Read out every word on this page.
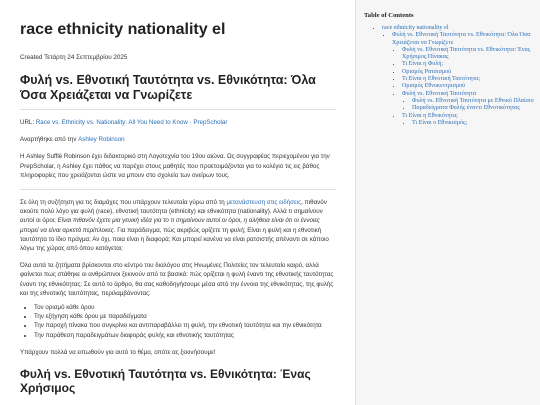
race ethnicity nationality el
Created Τετάρτη 24 Σεπτεμβρίου 2025
Φυλή vs. Εθνοτική Ταυτότητα vs. Εθνικότητα: Όλα Όσα Χρειάζεται να Γνωρίζετε
URL: Race vs. Ethnicity vs. Nationality: All You Need to Know · PrepScholar
Αναρτήθηκε από την Ashley Robinson
Η Ashley Sufflé Robinson έχει διδακτορικό στη Λογοτεχνία του 19ου αιώνα. Ως συγγραφέας περιεχομένου για την PrepScholar, η Ashley έχει πάθος να παρέχει στους μαθητές που προετοιμάζονται για το κολέγιο τις εις βάθος πληροφορίες που χρειάζονται ώστε να μπουν στο σχολείο των ονείρων τους.
Σε όλη τη συζήτηση για τις διαμάχες που υπάρχουν τελευταία γύρω από τη μετανάστευση στις ειδήσεις, πιθανόν ακούτε πολύ λόγο για φυλή (race), εθνοτική ταυτότητα (ethnicity) και εθνικότητα (nationality). Αλλά τι σημαίνουν αυτοί οι όροι; Είναι πιθανόν έχετε μια γενική ιδέα για το τι σημαίνουν αυτοί οι όροι, η αλήθεια είναι ότι οι έννοιες μπορεί να είναι αρκετά περίπλοκες. Για παράδειγμα, πώς ακριβώς ορίζετε τη φυλή; Είναι η φυλή και η εθνοτική ταυτότητα το ίδιο πράγμα; Αν όχι, ποια είναι η διαφορά; Και μπορεί κανένα να είναι ρατσιστής απέναντι σε κάποιο λόγω της χώρας από όπου κατάγεται;
Όλα αυτά τα ζητήματα βρίσκονται στο κέντρο του διαλόγου στις Ηνωμένες Πολιτείες τον τελευταίο καιρό, αλλά φαίνεται πως στάθηκε οι ανθρώπινοι ξεκινούν από τα βασικά: πώς ορίζεται η φυλή έναντι της εθνοτικής ταυτότητας έναντι της εθνικότητας. Σε αυτό το άρθρο, θα σας καθοδηγήσουμε μέσα από την έννοια της εθνικότητας, της φυλής και της εθνοτικής ταυτότητας, περιλαμβάνοντας:
• Τον ορισμό κάθε όρου
• Την εξήγηση κάθε όρου με παραδείγματα
• Την παροχή πίνακα που συγκρίνει και αντιπαραβάλλει τη φυλή, την εθνοτική ταυτότητα και την εθνικότητα
• Την παράθεση παραδειγμάτων διαφοράς φυλής και εθνοτικής ταυτότητας
Υπάρχουν πολλά να ειπωθούν για αυτό το θέμα, οπότε ας ξεκινήσουμε!
Φυλή vs. Εθνοτική Ταυτότητα vs. Εθνικότητα: Ένας Χρήσιμος
Table of Contents
• race ethnicity nationality el
• Φυλή vs. Εθνοτική Ταυτότητα vs. Εθνικότητα: Όλα Όσα Χρειάζεται να Γνωρίζετε
• Φυλή vs. Εθνοτική Ταυτότητα vs. Εθνικότητα: Ένας Χρήσιμος Πίνακας
• Τι Είναι η Φυλή;
• Ορισμός Ρατσισμού
• Τι Είναι η Εθνοτική Ταυτότητα;
• Ορισμός Εθνοκεντρισμού
• Φυλή vs. Εθνοτική Ταυτότητα
• Φυλή vs. Εθνοτική Ταυτότητα με Εθνικό Πλαίσιο
• Παραδείγματα Φυλής έναντι Εθνοτικότητας
• Τι Είναι η Εθνικότητα;
• Τι Είναι ο Εθνικισμός;
